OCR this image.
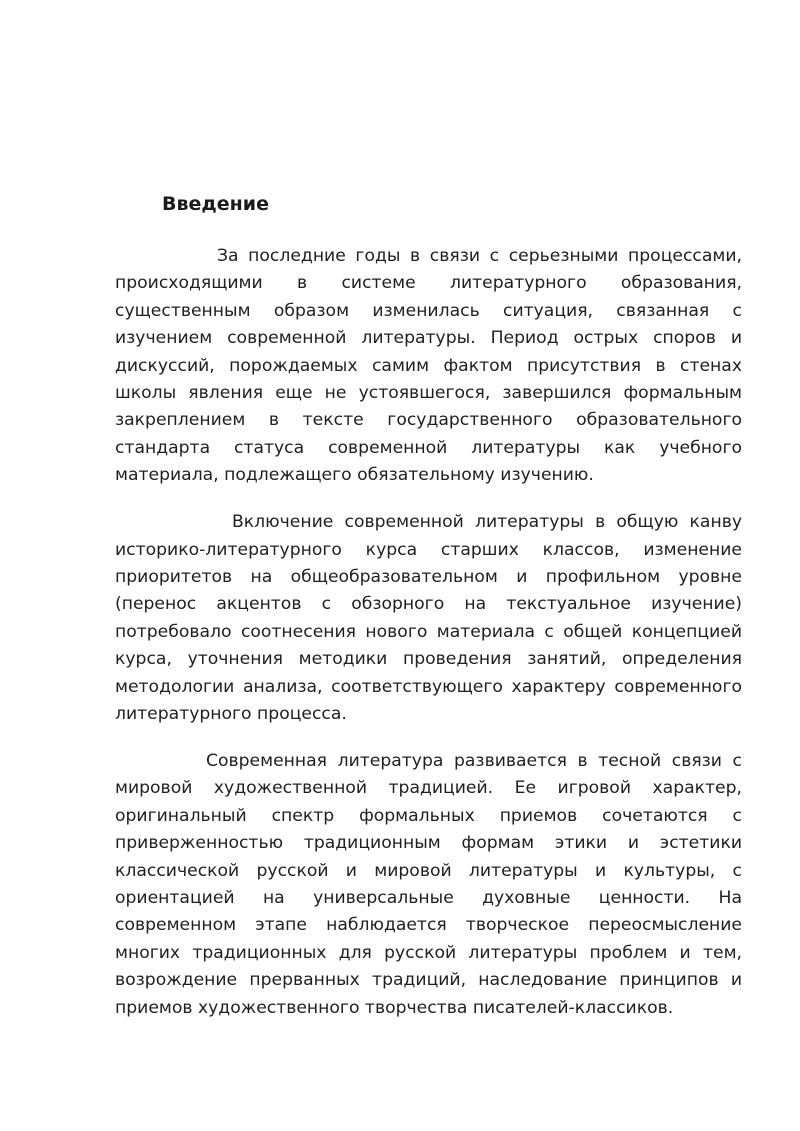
Введение

За последние годы в связи с серьезными процессами, происходящими в системе литературного образования, существенным образом изменилась ситуация, связанная с изучением современной литературы. Период острых споров и дискуссий, порождаемых самим фактом присутствия в стенах школы явления еще не устоявшегося, завершился формальным закреплением в тексте государственного образовательного стандарта статуса современной литературы как учебного материала, подлежащего обязательному изучению.

Включение современной литературы в общую канву историко-литературного курса старших классов, изменение приоритетов на общеобразовательном и профильном уровне (перенос акцентов с обзорного на текстуальное изучение) потребовало соотнесения нового материала с общей концепцией курса, уточнения методики проведения занятий, определения методологии анализа, соответствующего характеру современного литературного процесса.

Современная литература развивается в тесной связи с мировой художественной традицией. Ее игровой характер, оригинальный спектр формальных приемов сочетаются с приверженностью традиционным формам этики и эстетики классической русской и мировой литературы и культуры, с ориентацией на универсальные духовные ценности. На современном этапе наблюдается творческое переосмысление многих традиционных для русской литературы проблем и тем, возрождение прерванных традиций, наследование принципов и приемов художественного творчества писателей-классиков.
